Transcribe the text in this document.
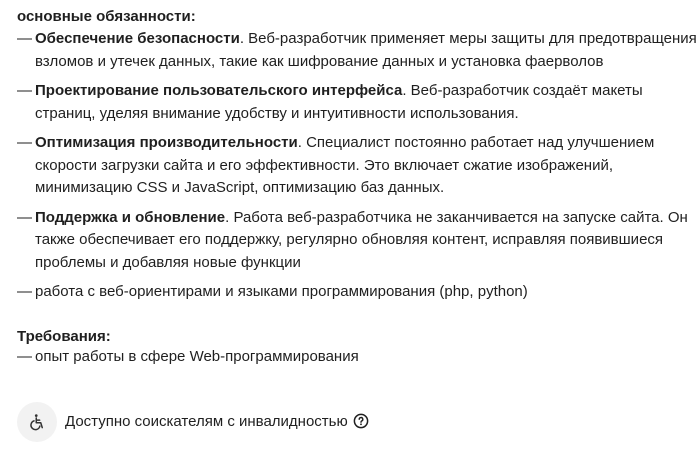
основные обязанности:
— Обеспечение безопасности. Веб-разработчик применяет меры защиты для предотвращения взломов и утечек данных, такие как шифрование данных и установка фаерволов
— Проектирование пользовательского интерфейса. Веб-разработчик создаёт макеты страниц, уделяя внимание удобству и интуитивности использования.
— Оптимизация производительности. Специалист постоянно работает над улучшением скорости загрузки сайта и его эффективности. Это включает сжатие изображений, минимизацию CSS и JavaScript, оптимизацию баз данных.
— Поддержка и обновление. Работа веб-разработчика не заканчивается на запуске сайта. Он также обеспечивает его поддержку, регулярно обновляя контент, исправляя появившиеся проблемы и добавляя новые функции
— работа с веб-ориентирами и языками программирования (php, python)
Требования:
— опыт работы в сфере Web-программирования
Доступно соискателям с инвалидностью
